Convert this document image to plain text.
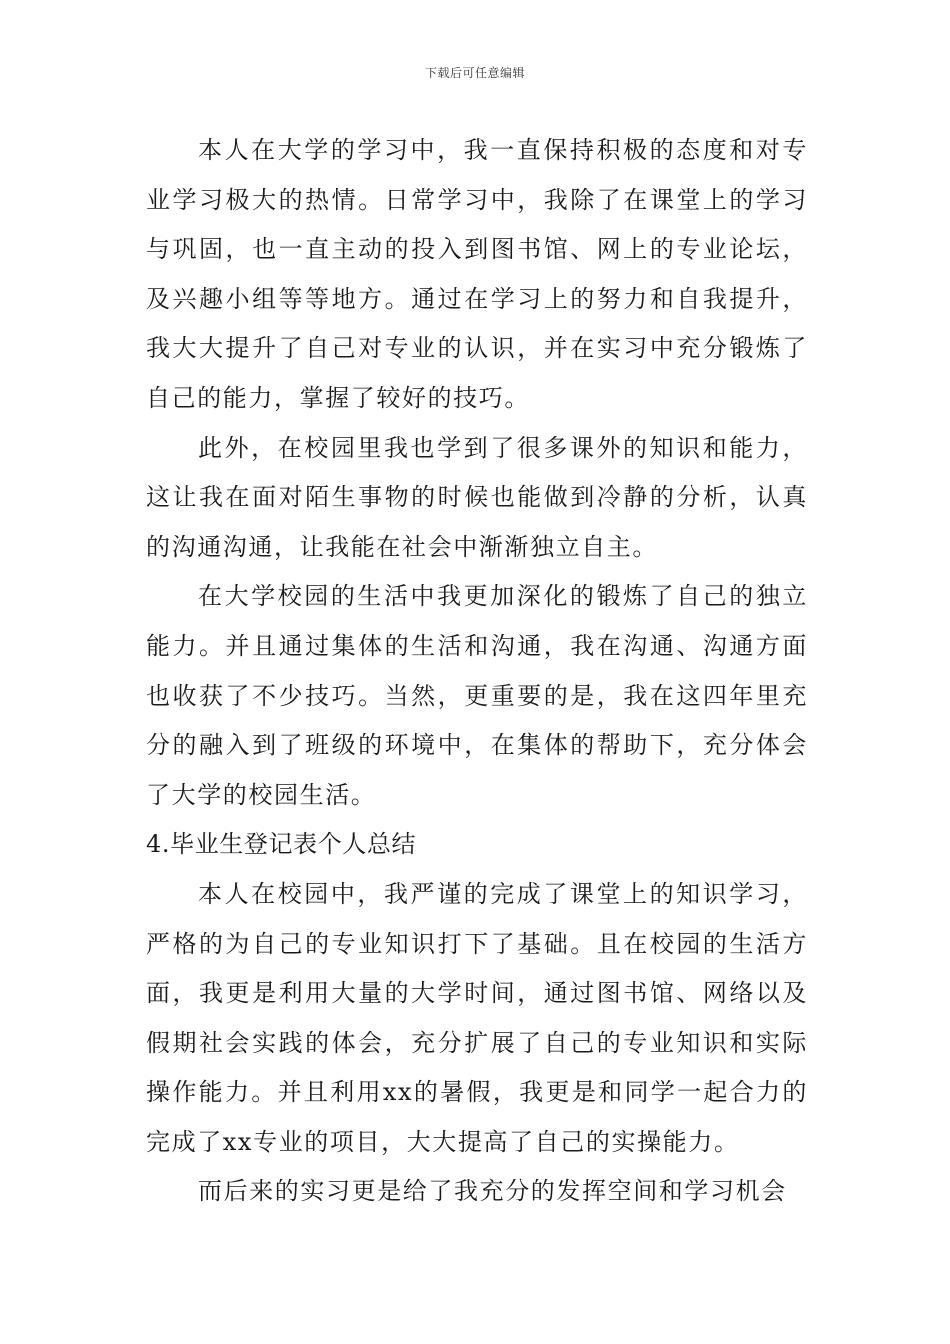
下载后可任意编辑

本人在大学的学习中，我一直保持积极的态度和对专业学习极大的热情。日常学习中，我除了在课堂上的学习与巩固，也一直主动的投入到图书馆、网上的专业论坛，及兴趣小组等等地方。通过在学习上的努力和自我提升，我大大提升了自己对专业的认识，并在实习中充分锻炼了自己的能力，掌握了较好的技巧。

此外，在校园里我也学到了很多课外的知识和能力，这让我在面对陌生事物的时候也能做到冷静的分析，认真的沟通沟通，让我能在社会中渐渐独立自主。

在大学校园的生活中我更加深化的锻炼了自己的独立能力。并且通过集体的生活和沟通，我在沟通、沟通方面也收获了不少技巧。当然，更重要的是，我在这四年里充分的融入到了班级的环境中，在集体的帮助下，充分体会了大学的校园生活。

4.毕业生登记表个人总结

本人在校园中，我严谨的完成了课堂上的知识学习，严格的为自己的专业知识打下了基础。且在校园的生活方面，我更是利用大量的大学时间，通过图书馆、网络以及假期社会实践的体会，充分扩展了自己的专业知识和实际操作能力。并且利用xx的暑假，我更是和同学一起合力的完成了xx专业的项目，大大提高了自己的实操能力。

而后来的实习更是给了我充分的发挥空间和学习机会
